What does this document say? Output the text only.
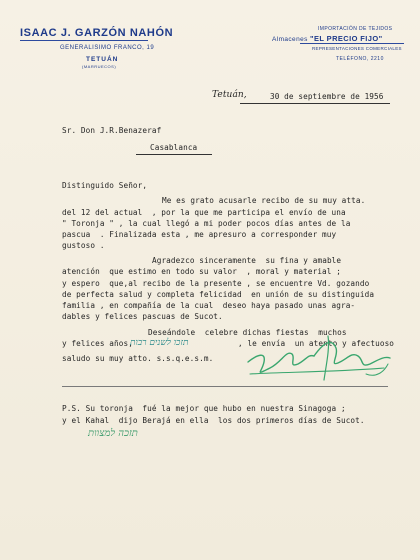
ISAAC J. GARZÓN NAHÓN
GENERALISIMO FRANCO, 19
TETUÁN
(MARRUECOS)
IMPORTACIÓN DE TEJIDOS
Almacenes "EL PRECIO FIJO"
REPRESENTACIONES COMERCIALES
TELÉFONO, 2210
Tetuán,	30 de septiembre de 1956
Sr. Don J.R.Benazeraf
Casablanca
Distinguido Señor,
Me es grato acusarle recibo de su muy atta.
del 12 del actual  , por la que me participa el envío de una
" Toronja " , la cual llegó a mi poder pocos días antes de la
pascua  . Finalizada esta , me apresuro a corresponder muy
gustoso .
Agradezco sinceramente  su fina y amable
atención  que estimo en todo su valor  , moral y material ;
y espero  que,al recibo de la presente , se encuentre Vd. gozando
de perfecta salud y completa felicidad  en unión de su distinguida
familia , en compañía de la cual  deseo haya pasado unas agra-
dables y felices pascuas de Sucot.
Deseándole  celebre dichas fiestas  muchos
y felices años,
תזכו לשנים רבות	, le envía  un atento y afectuoso
saludo su muy atto. s.s.q.e.s.m.
P.S. Su toronja  fué la mejor que hubo en nuestra Sinagoga ;
y el Kahal  dijo Berajá en ella  los dos primeros días de Sucot.
תזכה למצוות
